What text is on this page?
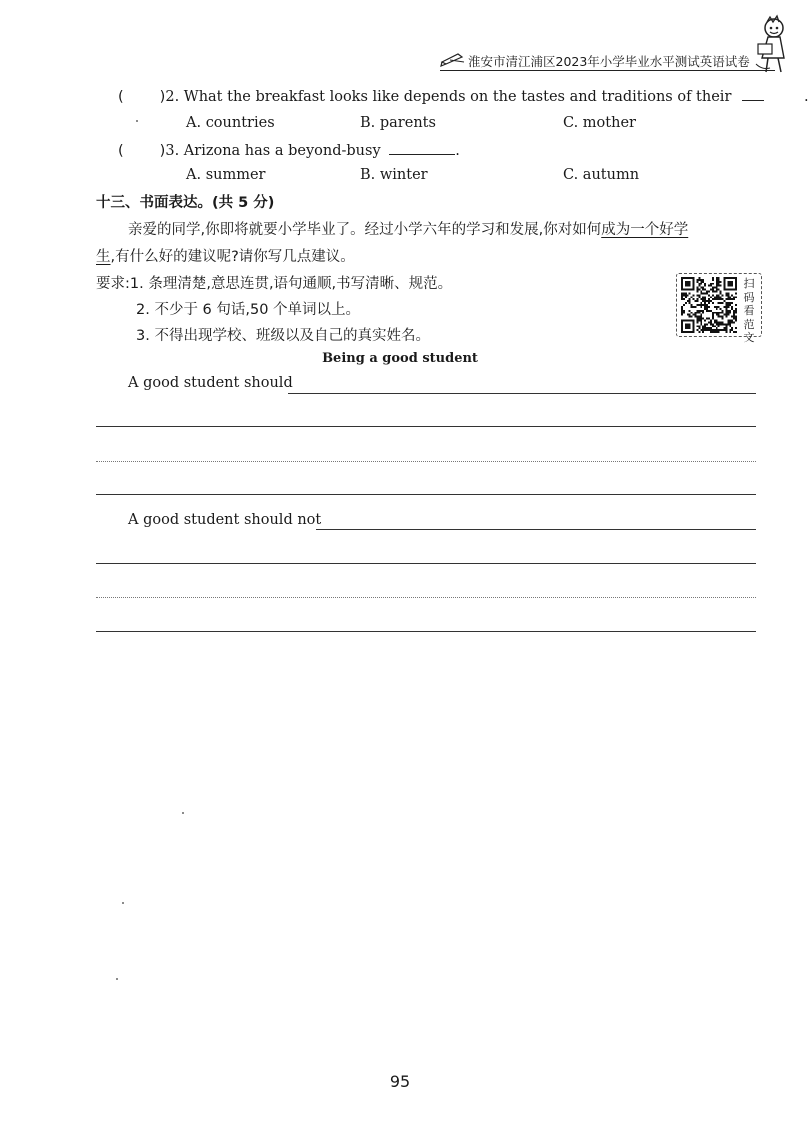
淮安市清江浦区2023年小学毕业水平测试英语试卷
( )2. What the breakfast looks like depends on the tastes and traditions of their	.
A. countries	B. parents	C. mother
( )3. Arizona has a beyond-busy	.
A. summer	B. winter	C. autumn
十三、书面表达。(共 5 分)
亲爱的同学,你即将就要小学毕业了。经过小学六年的学习和发展,你对如何成为一个好学
生,有什么好的建议呢?请你写几点建议。
要求:1. 条理清楚,意思连贯,语句通顺,书写清晰、规范。
2. 不少于 6 句话,50 个单词以上。
3. 不得出现学校、班级以及自己的真实姓名。
扫
码
看
范
文
Being a good student
A good student should
A good student should not
95
